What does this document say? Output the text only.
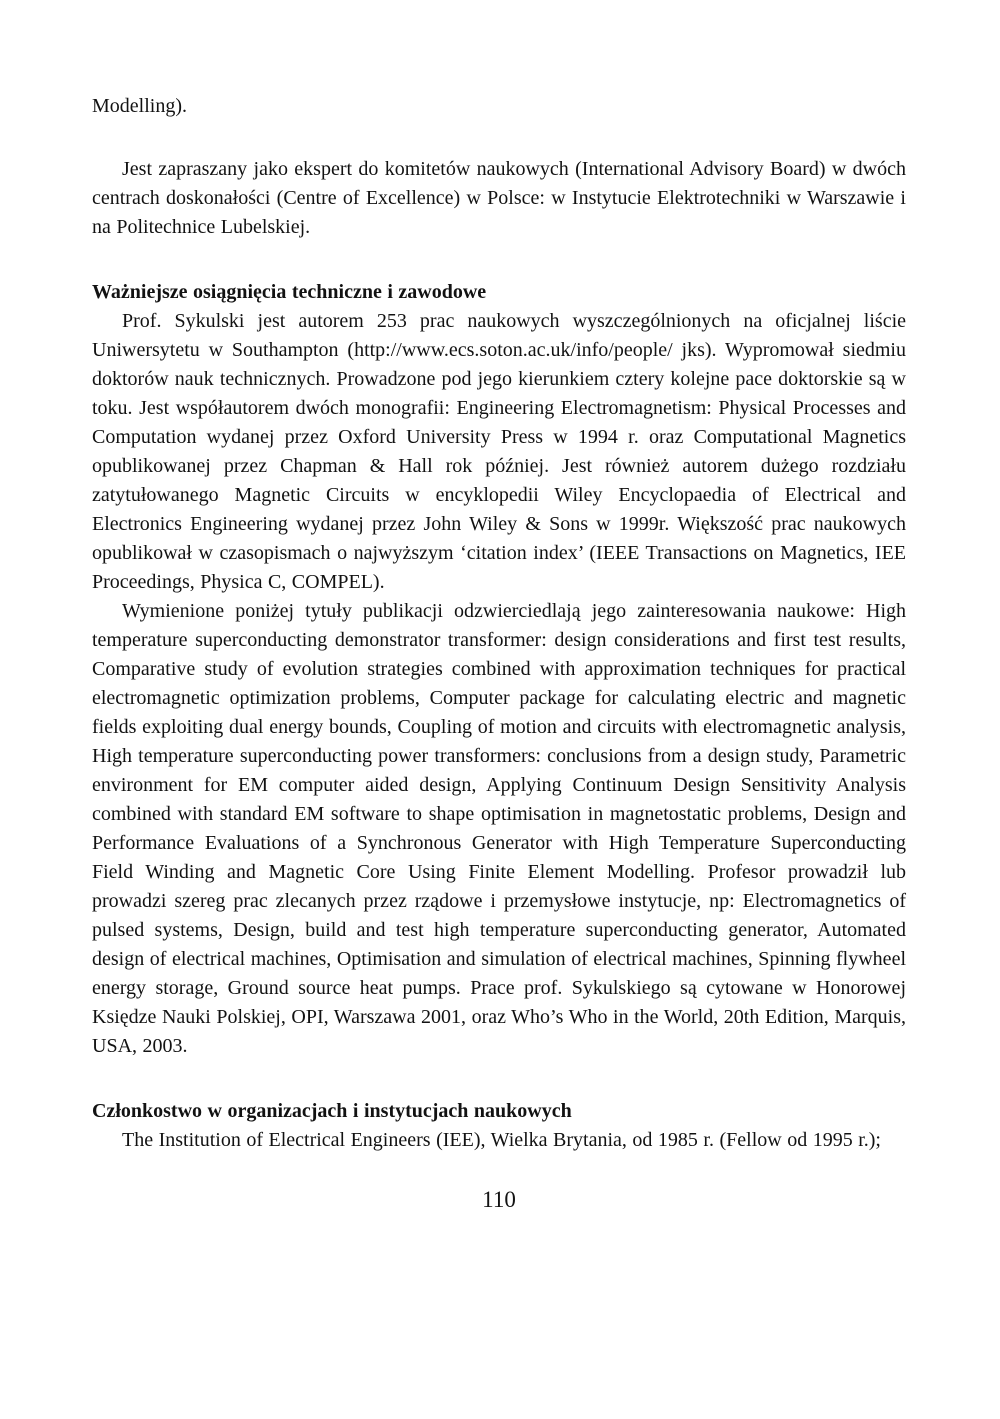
Modelling).

Jest zapraszany jako ekspert do komitetów naukowych (International Advisory Board) w dwóch centrach doskonałości (Centre of Excellence) w Polsce: w Instytucie Elektrotechniki w Warszawie i na Politechnice Lubelskiej.

Ważniejsze osiągnięcia techniczne i zawodowe

Prof. Sykulski jest autorem 253 prac naukowych wyszczególnionych na oficjalnej liście Uniwersytetu w Southampton (http://www.ecs.soton.ac.uk/info/people/ jks). Wypromował siedmiu doktorów nauk technicznych. Prowadzone pod jego kierunkiem cztery kolejne pace doktorskie są w toku. Jest współautorem dwóch monografii: Engineering Electromagnetism: Physical Processes and Computation wydanej przez Oxford University Press w 1994 r. oraz Computational Magnetics opublikowanej przez Chapman & Hall rok później. Jest również autorem dużego rozdziału zatytułowanego Magnetic Circuits w encyklopedii Wiley Encyclopaedia of Electrical and Electronics Engineering wydanej przez John Wiley & Sons w 1999r. Większość prac naukowych opublikował w czasopismach o najwyższym ‘citation index’ (IEEE Transactions on Magnetics, IEE Proceedings, Physica C, COMPEL).

Wymienione poniżej tytuły publikacji odzwierciedlają jego zainteresowania naukowe: High temperature superconducting demonstrator transformer: design considerations and first test results, Comparative study of evolution strategies combined with approximation techniques for practical electromagnetic optimization problems, Computer package for calculating electric and magnetic fields exploiting dual energy bounds, Coupling of motion and circuits with electromagnetic analysis, High temperature superconducting power transformers: conclusions from a design study, Parametric environment for EM computer aided design, Applying Continuum Design Sensitivity Analysis combined with standard EM software to shape optimisation in magnetostatic problems, Design and Performance Evaluations of a Synchronous Generator with High Temperature Superconducting Field Winding and Magnetic Core Using Finite Element Modelling. Profesor prowadził lub prowadzi szereg prac zlecanych przez rządowe i przemysłowe instytucje, np: Electromagnetics of pulsed systems, Design, build and test high temperature superconducting generator, Automated design of electrical machines, Optimisation and simulation of electrical machines, Spinning flywheel energy storage, Ground source heat pumps. Prace prof. Sykulskiego są cytowane w Honorowej Księdze Nauki Polskiej, OPI, Warszawa 2001, oraz Who’s Who in the World, 20th Edition, Marquis, USA, 2003.

Członkostwo w organizacjach i instytucjach naukowych

The Institution of Electrical Engineers (IEE), Wielka Brytania, od 1985 r. (Fellow od 1995 r.);

110
